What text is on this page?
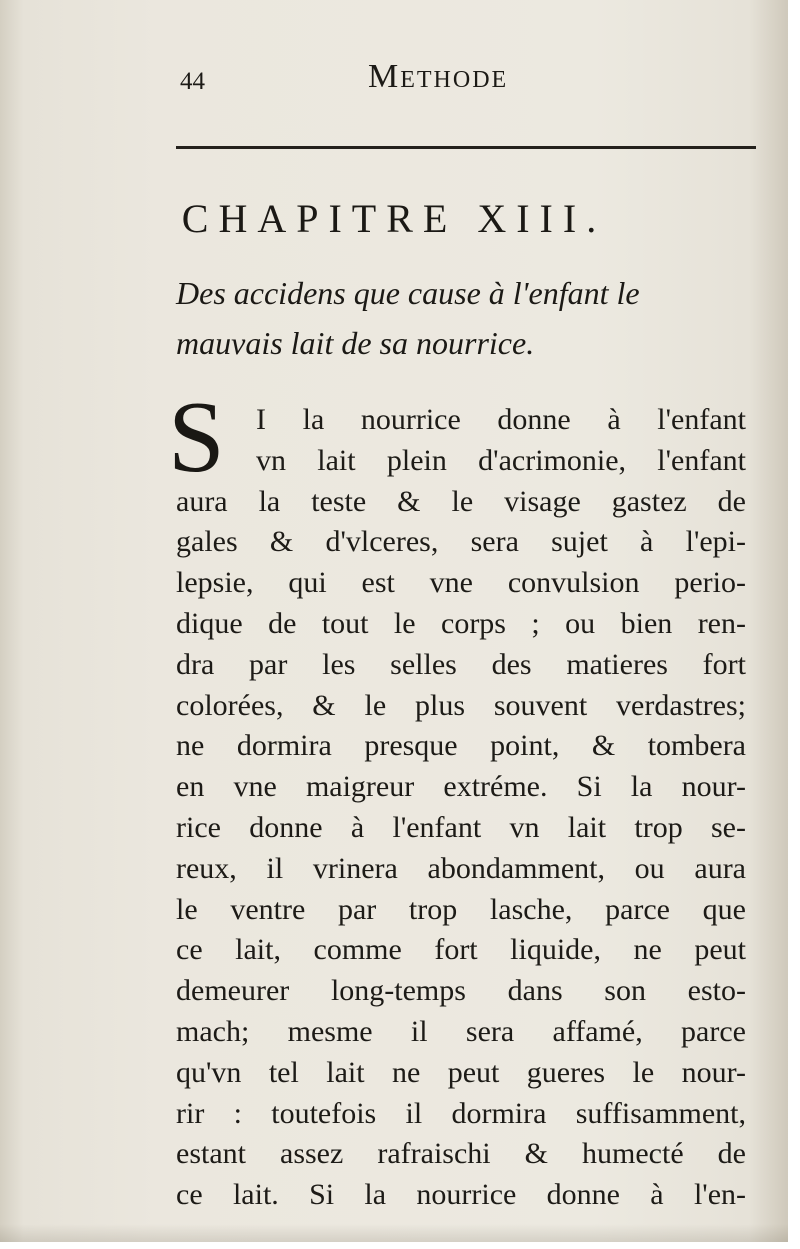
44	Methode
CHAPITRE XIII.
Des accidens que cause à l'enfant le
mauvais lait de sa nourrice.
S	I la nourrice donne à l'enfant
vn lait plein d'acrimonie, l'enfant
aura la teste & le visage gastez de
gales & d'vlceres, sera sujet à l'epi-
lepsie, qui est vne convulsion perio-
dique de tout le corps ; ou bien ren-
dra par les selles des matieres fort
colorées, & le plus souvent verdastres;
ne dormira presque point, & tombera
en vne maigreur extréme. Si la nour-
rice donne à l'enfant vn lait trop se-
reux, il vrinera abondamment, ou aura
le ventre par trop lasche, parce que
ce lait, comme fort liquide, ne peut
demeurer long-temps dans son esto-
mach; mesme il sera affamé, parce
qu'vn tel lait ne peut gueres le nour-
rir : toutefois il dormira suffisamment,
estant assez rafraischi & humecté de
ce lait. Si la nourrice donne à l'en-
